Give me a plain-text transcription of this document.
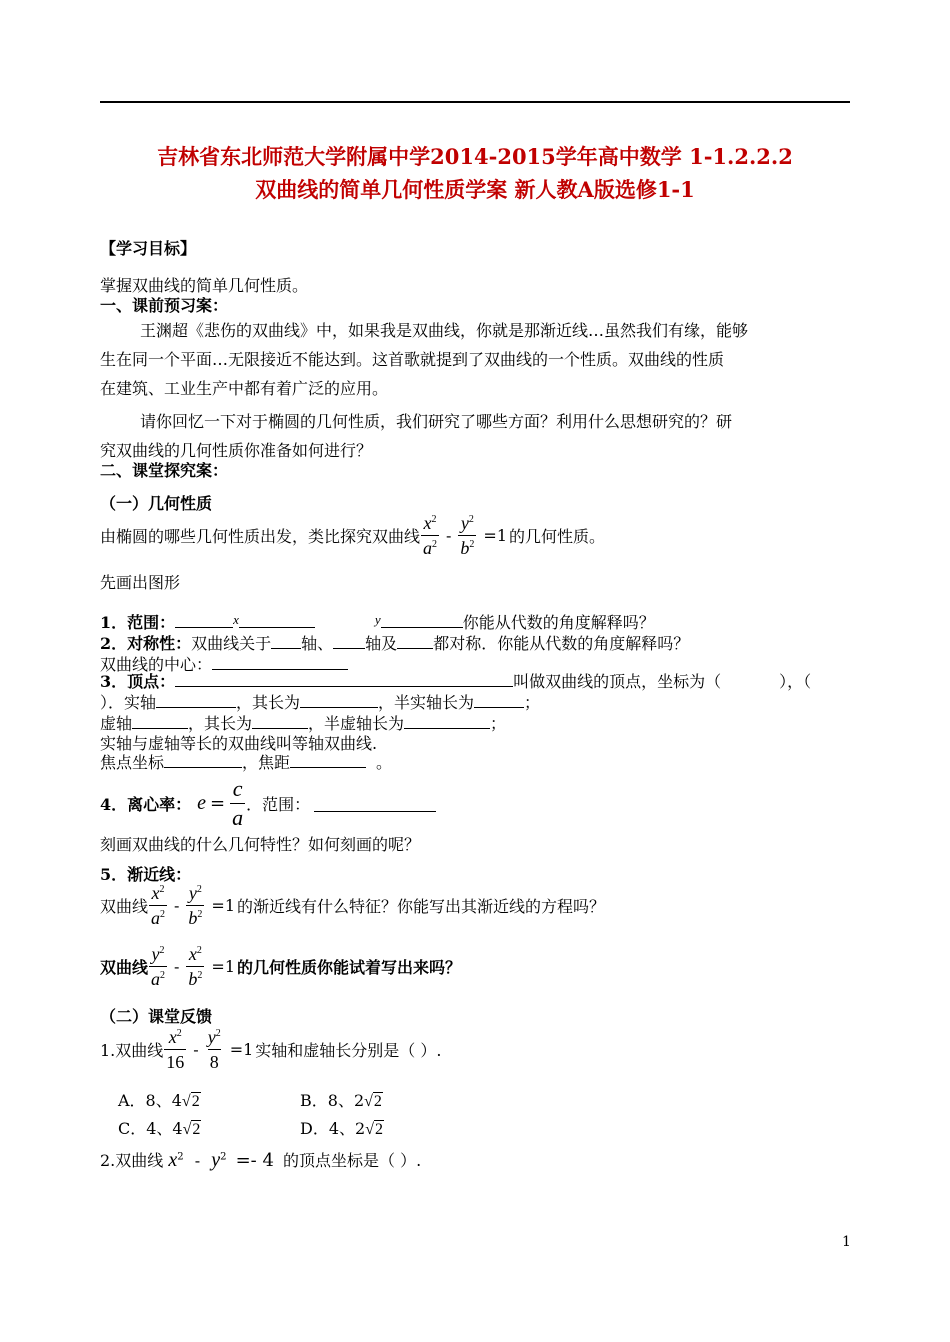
吉林省东北师范大学附属中学2014-2015学年高中数学 1-1.2.2.2
双曲线的简单几何性质学案 新人教A版选修1-1
【学习目标】
掌握双曲线的简单几何性质。
一、课前预习案：
王渊超《悲伤的双曲线》中，如果我是双曲线，你就是那渐近线…虽然我们有缘，能够
生在同一个平面…无限接近不能达到。这首歌就提到了双曲线的一个性质。双曲线的性质
在建筑、工业生产中都有着广泛的应用。
请你回忆一下对于椭圆的几何性质，我们研究了哪些方面？利用什么思想研究的？研
究双曲线的几何性质你准备如何进行？
二、课堂探究案：
（一）几何性质
由椭圆的哪些几何性质出发，类比探究双曲线 $\frac{x^2}{a^2} - \frac{y^2}{b^2} =1$ 的几何性质。
先画出图形
1．范围：	$^x$	$^y$	你能从代数的角度解释吗？
2．对称性：双曲线关于 轴、 轴及 都对称．你能从代数的角度解释吗？
双曲线的中心：
3．顶点：	叫做双曲线的顶点，坐标为（	），（
）．实轴	，其长为	，半实轴长为	；
虚轴	，其长为	，半虚轴长为	；
实轴与虚轴等长的双曲线叫等轴双曲线.
焦点坐标	，焦距	。
4．离心率： $e = \frac{c}{a}$ ．范围：
刻画双曲线的什么几何特性？如何刻画的呢？
5．渐近线：
双曲线 $\frac{x^2}{a^2} - \frac{y^2}{b^2} =1$ 的渐近线有什么特征？你能写出其渐近线的方程吗？
双曲线 $\frac{y^2}{a^2} - \frac{x^2}{b^2} =1$ 的几何性质你能试着写出来吗？
（二）课堂反馈
1.双曲线 $\frac{x^2}{16} - \frac{y^2}{8} =1$ 实轴和虚轴长分别是（ ）.
A．8、4√2	B．8、2√2
C．4、4√2	D．4、2√2
2.双曲线 $x^2 - y^2 =- 4$ 的顶点坐标是（ ）.
1
